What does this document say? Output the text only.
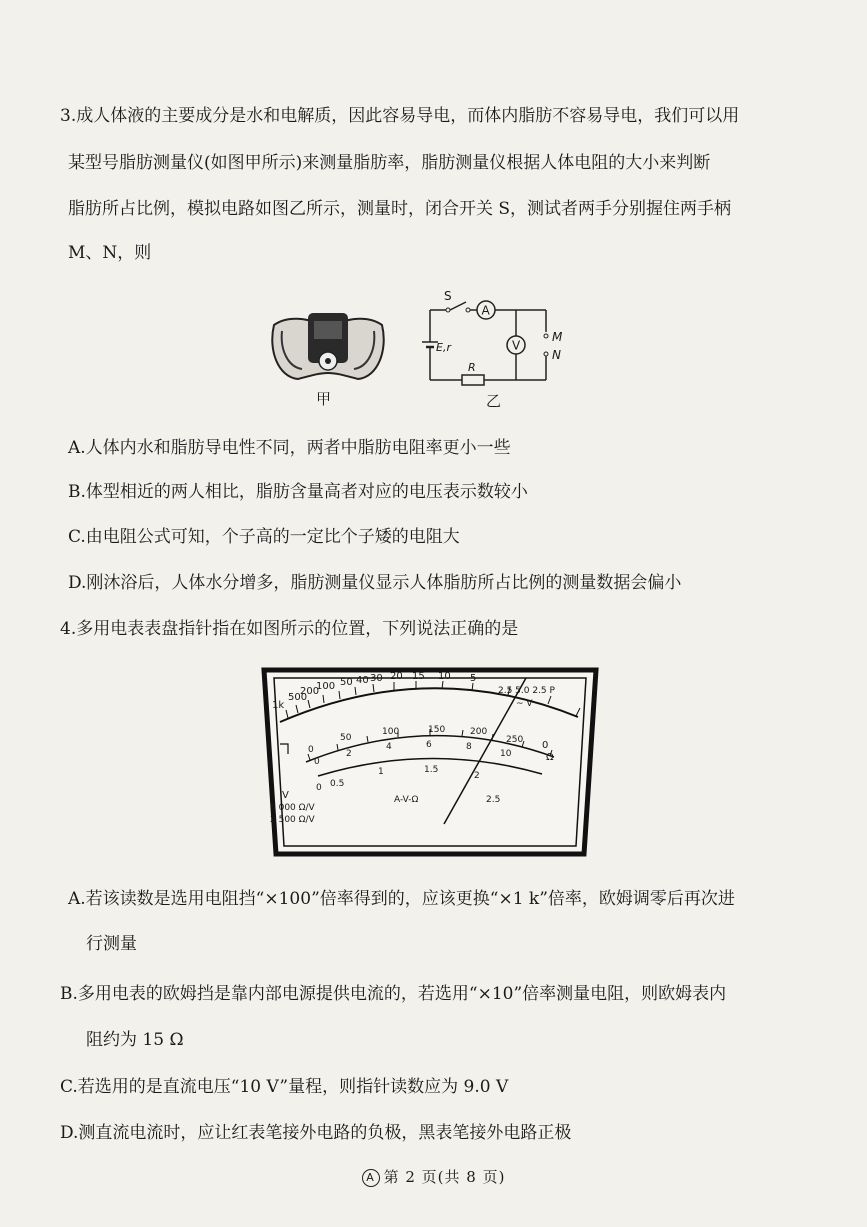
3.成人体液的主要成分是水和电解质，因此容易导电，而体内脂肪不容易导电，我们可以用
某型号脂肪测量仪(如图甲所示)来测量脂肪率，脂肪测量仪根据人体电阻的大小来判断
脂肪所占比例，模拟电路如图乙所示，测量时，闭合开关 S，测试者两手分别握住两手柄
M、N，则
甲
A
V
S
E,r
R
M
N
乙
A.人体内水和脂肪导电性不同，两者中脂肪电阻率更小一些
B.体型相近的两人相比，脂肪含量高者对应的电压表示数较小
C.由电阻公式可知，个子高的一定比个子矮的电阻大
D.刚沐浴后，人体水分增多，脂肪测量仪显示人体脂肪所占比例的测量数据会偏小
4.多用电表表盘指针指在如图所示的位置，下列说法正确的是
1k
500
200
100 50 40 30 20 15 10 5
0
Ω
2.5 5.0 2.5 P
0
50
100	150	200
250
0
2
4	6	8
10
0 0.5
1	1.5
2
2.5
V
5 000 Ω/V
2 500 Ω/V
A-V-Ω
~ V
A.若该读数是选用电阻挡“×100”倍率得到的，应该更换“×1 k”倍率，欧姆调零后再次进
行测量
B.多用电表的欧姆挡是靠内部电源提供电流的，若选用“×10”倍率测量电阻，则欧姆表内
阻约为 15 Ω
C.若选用的是直流电压“10 V”量程，则指针读数应为 9.0 V
D.测直流电流时，应让红表笔接外电路的负极，黑表笔接外电路正极
A 第 2 页(共 8 页)
